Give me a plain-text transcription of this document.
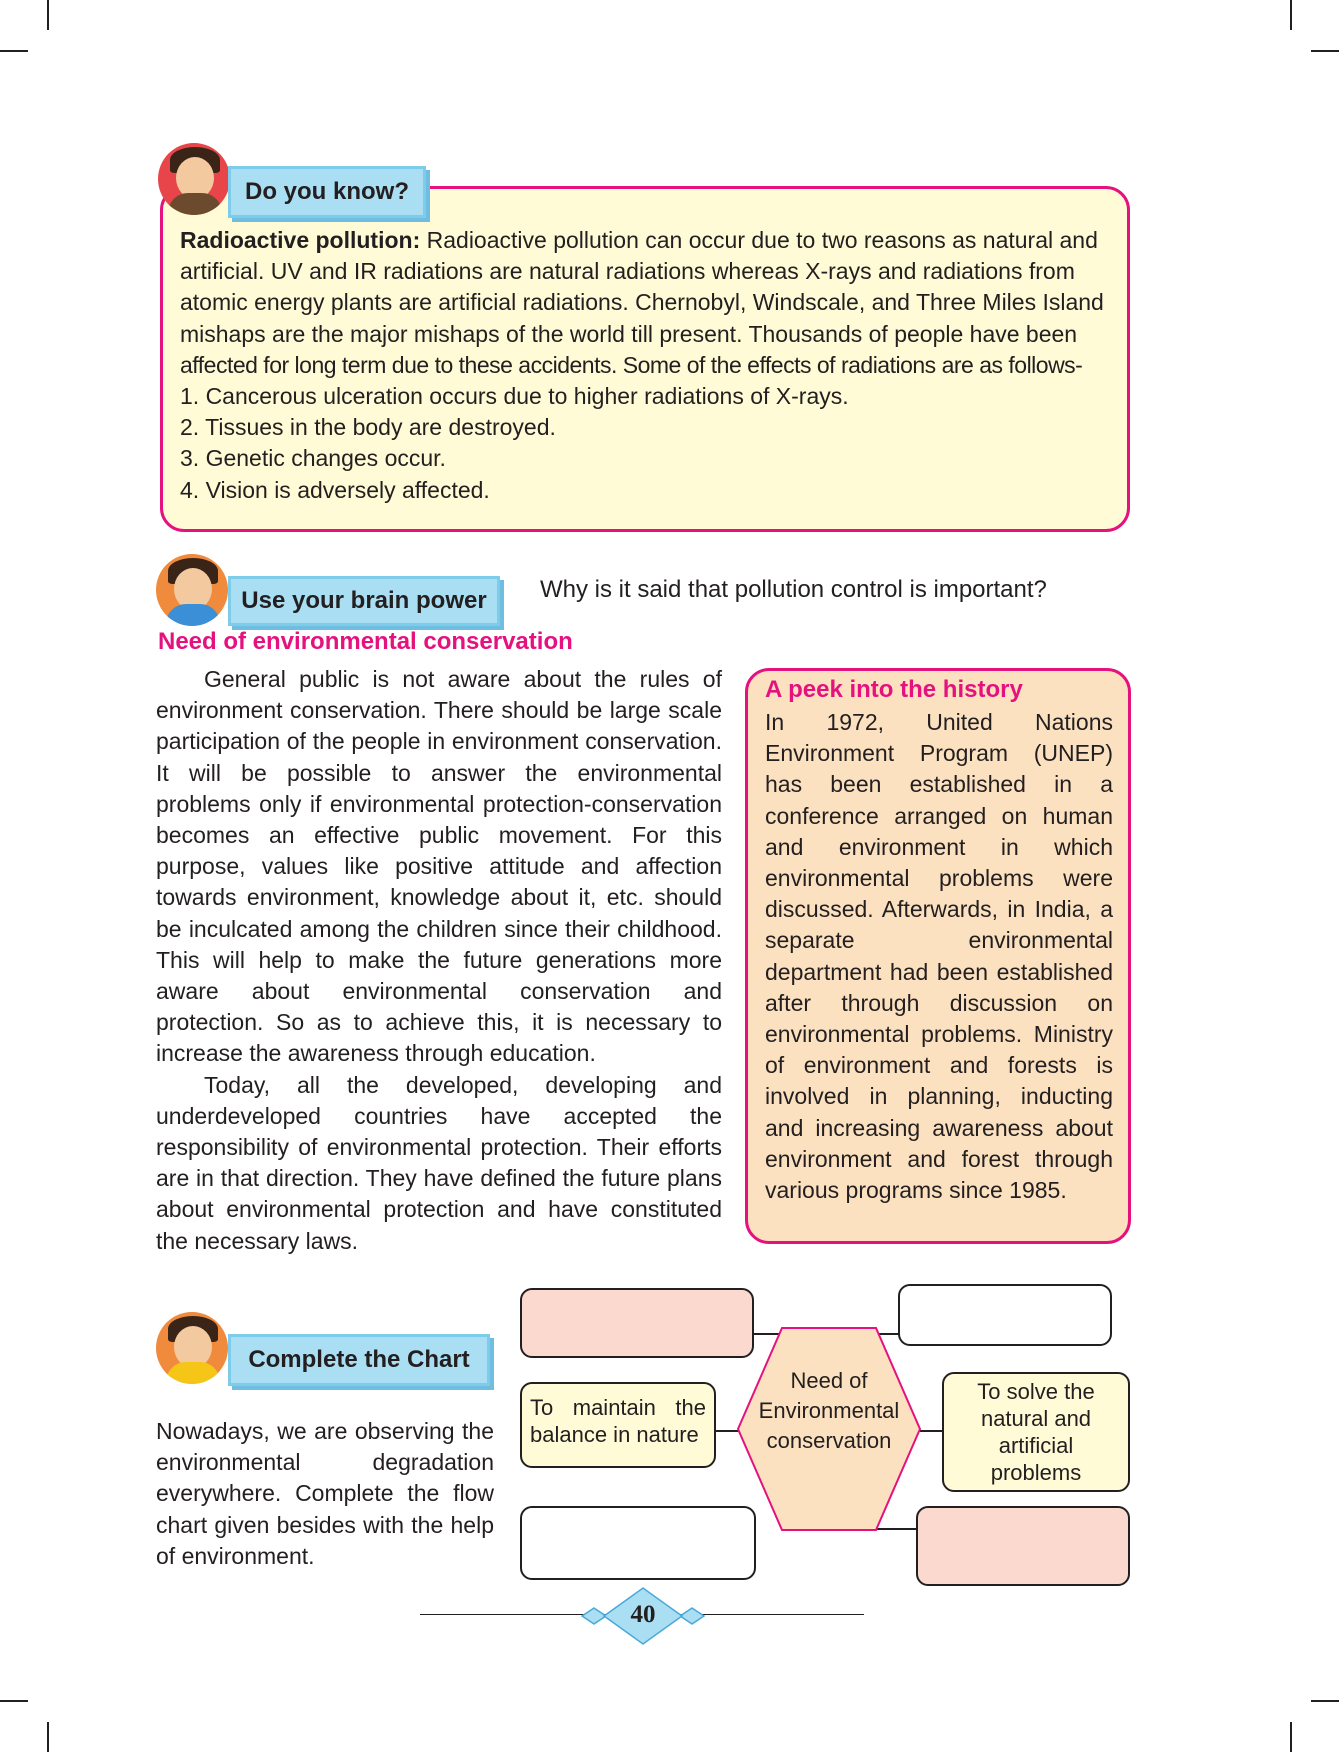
Do you know?
Radioactive pollution: Radioactive pollution can occur due to two reasons as natural and
artificial. UV and IR radiations are natural radiations whereas X-rays and radiations from
atomic energy plants are artificial radiations. Chernobyl, Windscale, and Three Miles Island
mishaps are the major mishaps of the world till present. Thousands of people have been
affected for long term due to these accidents. Some of the effects of radiations are as follows-
1. Cancerous ulceration occurs due to higher radiations of X-rays.
2. Tissues in the body are destroyed.
3. Genetic changes occur.
4. Vision is adversely affected.
Use your brain power	Why is it said that pollution control is important?
Need of environmental conservation
General public is not aware about the rules of environment conservation. There should be large scale participation of the people in environment conservation. It will be possible to answer the environmental problems only if environmental protection-conservation becomes an effective public movement. For this purpose, values like positive attitude and affection towards environment, knowledge about it, etc. should be inculcated among the children since their childhood. This will help to make the future generations more aware about environmental conservation and protection. So as to achieve this, it is necessary to increase the awareness through education.
Today, all the developed, developing and underdeveloped countries have accepted the responsibility of environmental protection. Their efforts are in that direction. They have defined the future plans about environmental protection and have constituted the necessary laws.
A peek into the history
In 1972, United Nations Environment Program (UNEP) has been established in a conference arranged on human and environment in which environmental problems were discussed. Afterwards, in India, a separate environmental department had been established after through discussion on environmental problems. Ministry of environment and forests is involved in planning, inducting and increasing awareness about environment and forest through various programs since 1985.
Complete the Chart
Nowadays, we are observing the environmental degradation everywhere. Complete the flow chart given besides with the help of environment.
Need of Environmental conservation
To maintain the balance in nature
To solve the natural and artificial problems
40
